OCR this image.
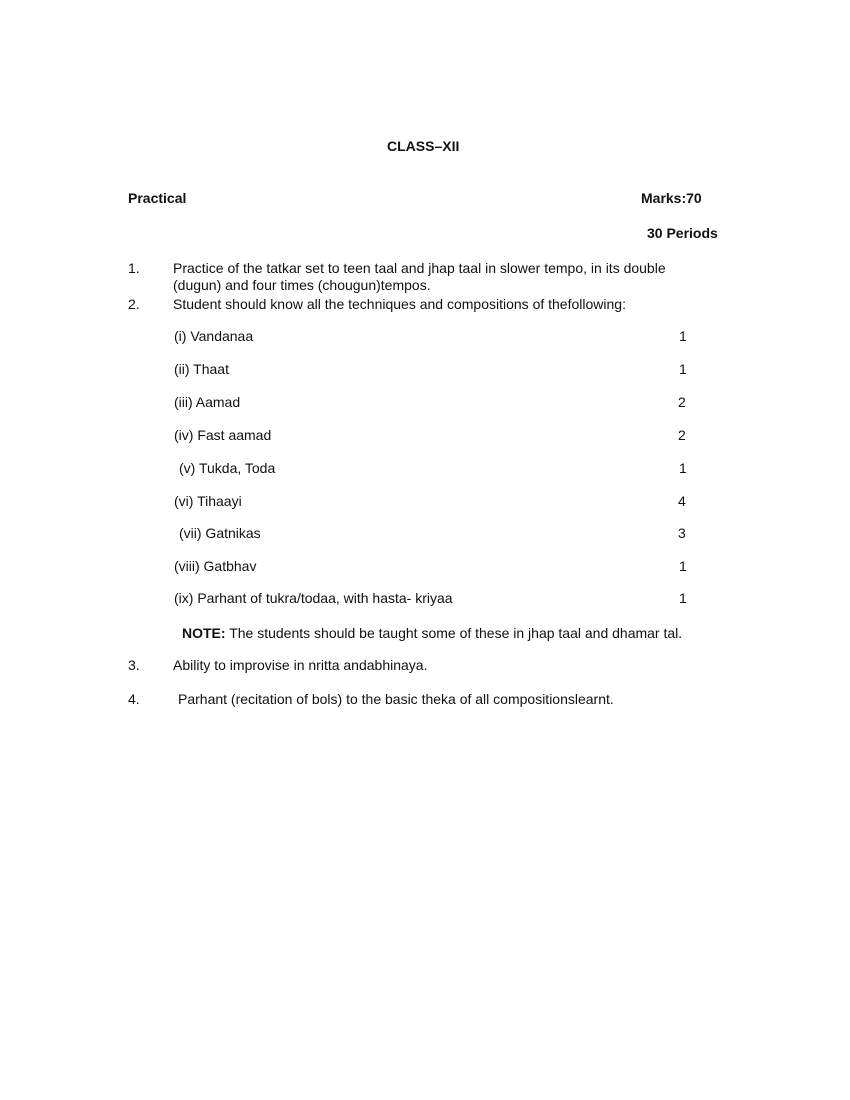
CLASS–XII
Practical	Marks:70
30 Periods
1. Practice of the tatkar set to teen taal and jhap taal in slower tempo, in its double
(dugun) and four times (chougun)tempos.
2. Student should know all the techniques and compositions of thefollowing:
(i) Vandanaa	1
(ii) Thaat	1
(iii) Aamad	2
(iv) Fast aamad	2
(v) Tukda, Toda	1
(vi) Tihaayi	4
(vii) Gatnikas	3
(viii) Gatbhav	1
(ix) Parhant of tukra/todaa, with hasta- kriyaa	1
NOTE: The students should be taught some of these in jhap taal and dhamar tal.
3. Ability to improvise in nritta andabhinaya.
4.	Parhant (recitation of bols) to the basic theka of all compositionslearnt.
